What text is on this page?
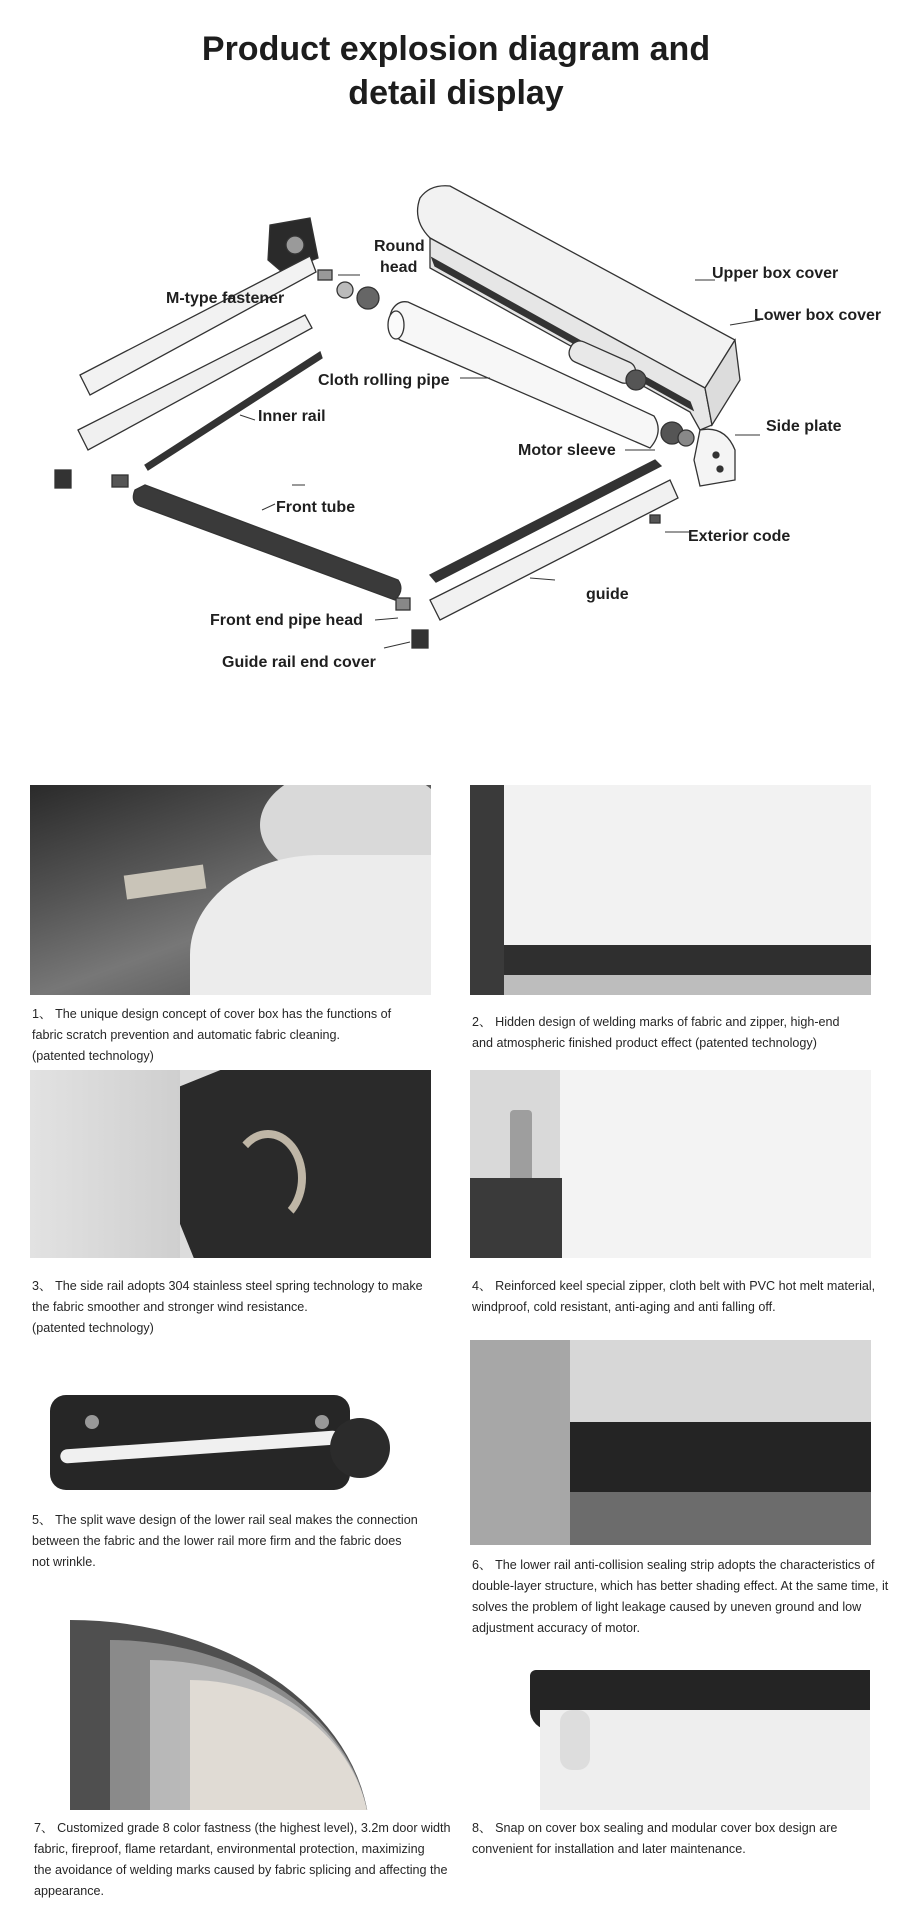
Product explosion diagram and
detail display
Round
head
M-type fastener
Upper box cover
Lower box cover
Cloth rolling pipe
Inner rail
Side plate
Motor sleeve
Front tube
Exterior code
guide
Front end pipe head
Guide rail end cover
1、 The unique design concept of cover box has the functions of
fabric scratch prevention and automatic fabric cleaning.
(patented technology)
2、 Hidden design of welding marks of fabric and zipper, high-end
and atmospheric finished product effect (patented technology)
3、 The side rail adopts 304 stainless steel spring technology to make
the fabric smoother and stronger wind resistance.
(patented technology)
4、 Reinforced keel special zipper, cloth belt with PVC hot melt material,
windproof, cold resistant, anti-aging and anti falling off.
5、 The split wave design of the lower rail seal makes the connection
between the fabric and the lower rail more firm and the fabric does
not wrinkle.	6、 The lower rail anti-collision sealing strip adopts the characteristics of
double-layer structure, which has better shading effect. At the same time, it
solves the problem of light leakage caused by uneven ground and low
adjustment accuracy of motor.
7、 Customized grade 8 color fastness (the highest level), 3.2m door width
fabric, fireproof, flame retardant, environmental protection, maximizing
the avoidance of welding marks caused by fabric splicing and affecting the
appearance.
8、 Snap on cover box sealing and modular cover box design are
convenient for installation and later maintenance.
